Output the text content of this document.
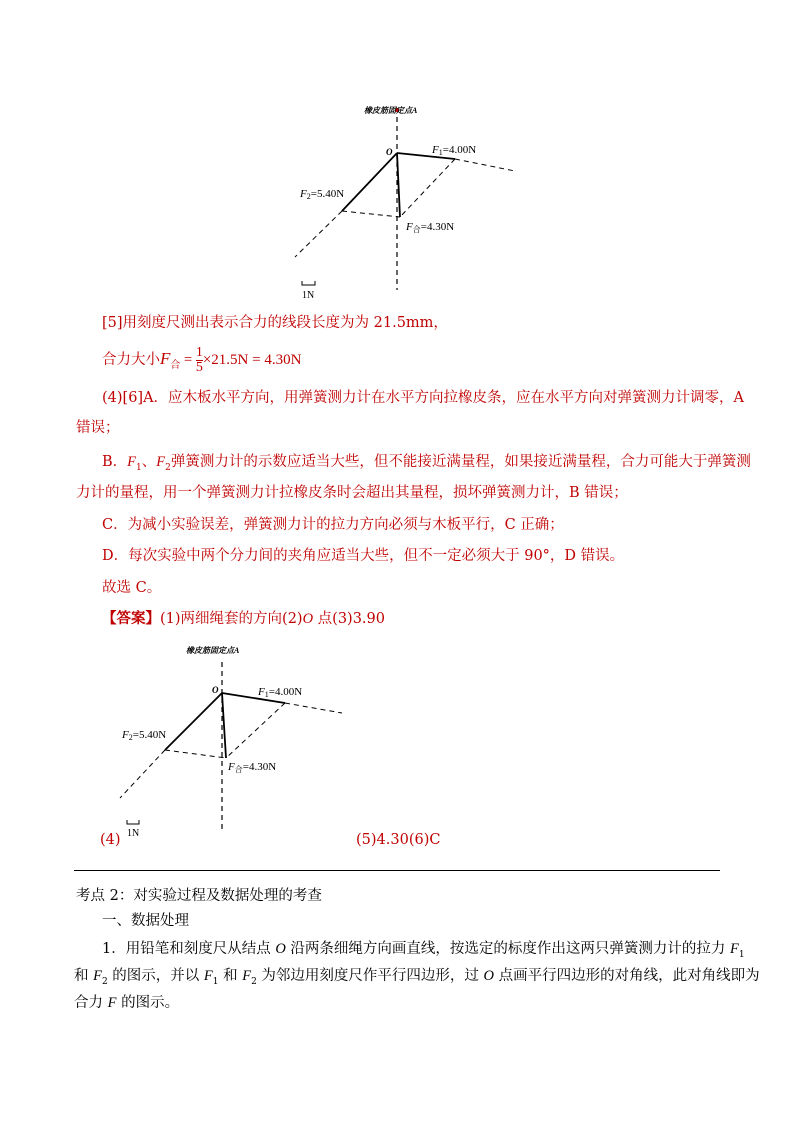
橡皮筋固定点A
O	F1=4.00N
F2=5.40N
F合=4.30N
1N
[5]用刻度尺测出表示合力的线段长度为为 21.5mm，
合力大小$F_合 = \frac{1}{5} \times 21.5N = 4.30N$
(4)[6]A．应木板水平方向，用弹簧测力计在水平方向拉橡皮条，应在水平方向对弹簧测力计调零，A
错误；
B．$F_1$、$F_2$弹簧测力计的示数应适当大些，但不能接近满量程，如果接近满量程，合力可能大于弹簧测
力计的量程，用一个弹簧测力计拉橡皮条时会超出其量程，损坏弹簧测力计，B 错误；
C．为减小实验误差，弹簧测力计的拉力方向必须与木板平行，C 正确；
D．每次实验中两个分力间的夹角应适当大些，但不一定必须大于 90°，D 错误。
故选 C。
【答案】(1)两细绳套的方向(2)O 点(3)3.90
橡皮筋固定点A
O	F1=4.00N
F2=5.40N
F合=4.30N
1N
(4)	(5)4.30(6)C
考点 2：对实验过程及数据处理的考查
一、数据处理
1．用铅笔和刻度尺从结点 O 沿两条细绳方向画直线，按选定的标度作出这两只弹簧测力计的拉力 $F_1$
和 $F_2$ 的图示，并以 $F_1$ 和 $F_2$ 为邻边用刻度尺作平行四边形，过 O 点画平行四边形的对角线，此对角线即为
合力 F 的图示。
